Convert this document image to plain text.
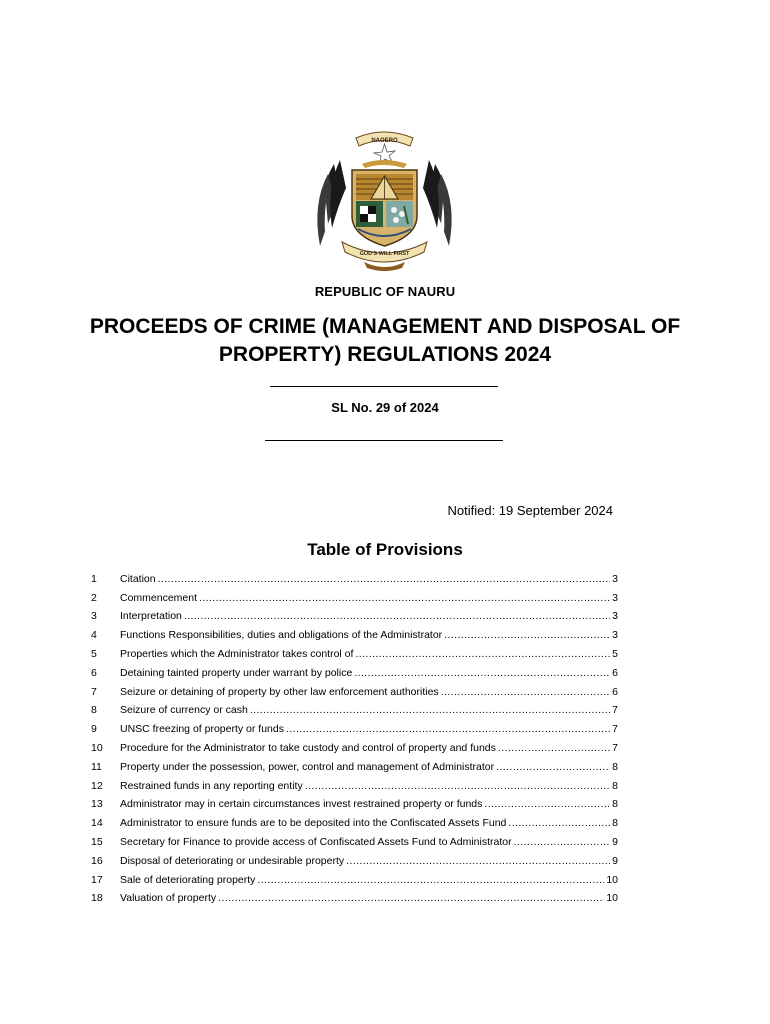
NAOERO
GOD'S WILL FIRST
REPUBLIC OF NAURU
PROCEEDS OF CRIME (MANAGEMENT AND DISPOSAL OF PROPERTY) REGULATIONS 2024
SL No. 29 of 2024
Notified: 19 September 2024
Table of Provisions
1	Citation .....	3
2	Commencement .....	3
3	Interpretation .....	3
4	Functions Responsibilities, duties and obligations of the Administrator .....	3
5	Properties which the Administrator takes control of .....	5
6	Detaining tainted property under warrant by police .....	6
7	Seizure or detaining of property by other law enforcement authorities .....	6
8	Seizure of currency or cash .....	7
9	UNSC freezing of property or funds .....	7
10	Procedure for the Administrator to take custody and control of property and funds .....	7
11	Property under the possession, power, control and management of Administrator .....	8
12	Restrained funds in any reporting entity .....	8
13	Administrator may in certain circumstances invest restrained property or funds .....	8
14	Administrator to ensure funds are to be deposited into the Confiscated Assets Fund .....	8
15	Secretary for Finance to provide access of Confiscated Assets Fund to Administrator .....	9
16	Disposal of deteriorating or undesirable property .....	9
17	Sale of deteriorating property .....	10
18	Valuation of property .....	10
